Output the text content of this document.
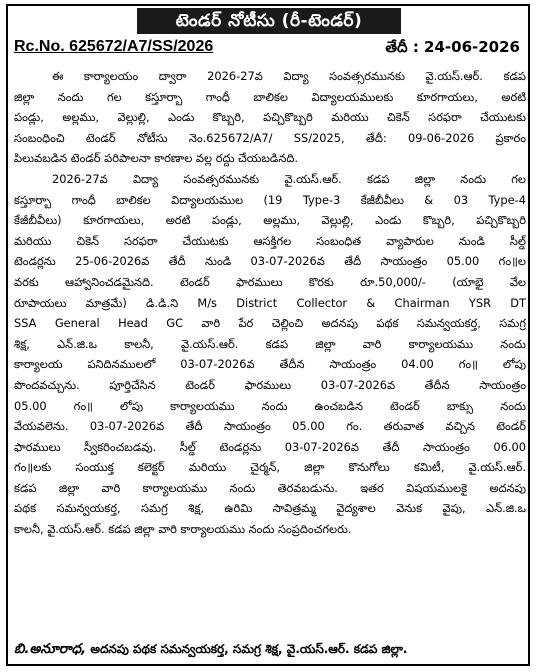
టెండర్ నోటీసు (రీ-టెండర్)
Rc.No. 625672/A7/SS/2026	తేదీ : 24-06-2026
ఈ కార్యాలయం ద్వారా 2026-27వ విద్యా సంవత్సరమునకు వై.యస్.ఆర్. కడప
జిల్లా నందు గల కస్తూర్బా గాంధీ బాలికల విద్యాలయములకు కూరగాయలు, అరటి
పండ్లు, అల్లము, వెల్లుల్లి, ఎండు కొబ్బరి, పచ్చికొబ్బరి మరియు చికెన్ సరఫరా చేయుటకు
సంబంధించి టెండర్ నోటీసు నెం.625672/A7/ SS/2025, తేదీ: 09-06-2026 ప్రకారం
పిలువబడిన టెండర్ పరిపాలనా కారణాల వల్ల రద్దు చేయబడినది.
2026-27వ విద్యా సంవత్సరమునకు వై.యస్.ఆర్. కడప జిల్లా నందు గల
కస్తూర్బా గాంధీ బాలికల విద్యాలయముల (19 Type-3 కేజీబీవీలు & 03 Type-4
కేజీబీవీలు) కూరగాయలు, అరటి పండ్లు, అల్లము, వెల్లుల్లి, ఎండు కొబ్బరి, పచ్చికొబ్బరి
మరియు చికెన్ సరఫరా చేయుటకు ఆసక్తిగల సంబంధిత వ్యాపారుల నుండి సీల్డ్
టెండర్లను 25-06-2026వ తేదీ నుండి 03-07-2026వ తేదీ సాయంత్రం 05.00 గం॥ల
వరకు ఆహ్వానించడమైనది. టెండర్ ఫారములు కొరకు రూ.50,000/- (యాభై వేల
రూపాయలు మాత్రమే) డి.డి.ని M/s District Collector & Chairman YSR DT
SSA General Head GC వారి పేర చెల్లించి అదనపు పథక సమన్వయకర్త, సమగ్ర
శిక్ష, ఎన్.జి.ఒ కాలనీ, వై.యస్.ఆర్. కడప జిల్లా వారి కార్యాలయము నందు
కార్యాలయ పనిదినములలో 03-07-2026వ తేదీన సాయంత్రం 04.00 గం॥ లోపు
పొందవచ్చును. పూర్తిచేసిన టెండర్ ఫారములు 03-07-2026వ తేదీన సాయంత్రం
05.00 గం॥ లోపు కార్యాలయము నందు ఉంచబడిన టెండర్ బాక్సు నందు
వేయవలెను. 03-07-2026వ తేదీ సాయంత్రం 05.00 గం. తరువాత వచ్చిన టెండర్
ఫారములు స్వీకరించబడవు. సీల్డ్ టెండర్లను 03-07-2026వ తేదీ సాయంత్రం 06.00
గం॥లకు సంయుక్త కలెక్టర్ మరియు చైర్మన్, జిల్లా కొనుగోలు కమిటీ, వై.యస్.ఆర్.
కడప జిల్లా వారి కార్యాలయము నందు తెరవబడును. ఇతర విషయములకై అదనపు
పథక సమన్వయకర్త, సమగ్ర శిక్ష, ఉరిమి సావిత్రమ్మ వైద్యశాల వెనుక వైపు, ఎన్.జి.ఒ
కాలనీ, వై.యస్.ఆర్. కడప జిల్లా వారి కార్యాలయము నందు సంప్రదించగలరు.
బి.అనూరాధ, అదనపు పథక సమన్వయకర్త, సమగ్ర శిక్ష, వై.యస్.ఆర్. కడప జిల్లా.
